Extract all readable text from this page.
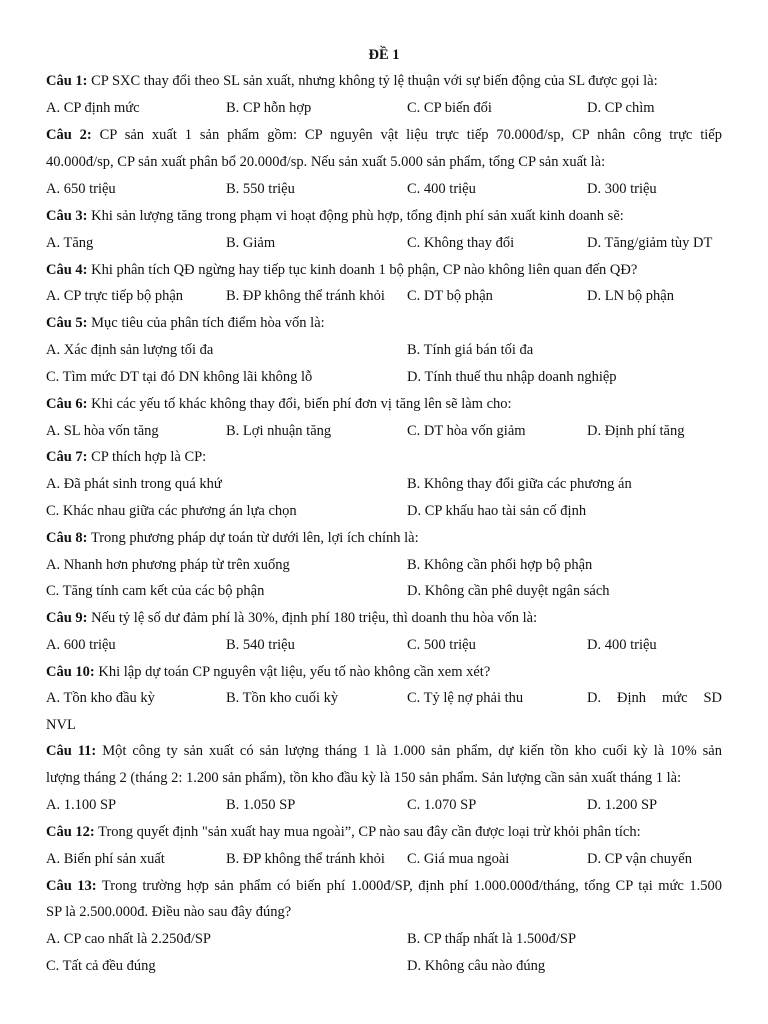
ĐỀ 1
Câu 1: CP SXC thay đổi theo SL sản xuất, nhưng không tỷ lệ thuận với sự biến động của SL được gọi là:
A. CP định mức	B. CP hỗn hợp	C. CP biến đổi	D. CP chìm
Câu 2: CP sản xuất 1 sản phẩm gồm: CP nguyên vật liệu trực tiếp 70.000đ/sp, CP nhân công trực tiếp
40.000đ/sp, CP sản xuất phân bổ 20.000đ/sp. Nếu sản xuất 5.000 sản phẩm, tổng CP sản xuất là:
A. 650 triệu	B. 550 triệu	C. 400 triệu	D. 300 triệu
Câu 3: Khi sản lượng tăng trong phạm vi hoạt động phù hợp, tổng định phí sản xuất kinh doanh sẽ:
A. Tăng	B. Giảm	C. Không thay đổi	D. Tăng/giảm tùy DT
Câu 4: Khi phân tích QĐ ngừng hay tiếp tục kinh doanh 1 bộ phận, CP nào không liên quan đến QĐ?
A. CP trực tiếp bộ phận	B. ĐP không thể tránh khỏi C. DT bộ phận	D. LN bộ phận
Câu 5: Mục tiêu của phân tích điểm hòa vốn là:
A. Xác định sản lượng tối đa	B. Tính giá bán tối đa
C. Tìm mức DT tại đó DN không lãi không lỗ	D. Tính thuế thu nhập doanh nghiệp
Câu 6: Khi các yếu tố khác không thay đổi, biến phí đơn vị tăng lên sẽ làm cho:
A. SL hòa vốn tăng	B. Lợi nhuận tăng	C. DT hòa vốn giảm	D. Định phí tăng
Câu 7: CP thích hợp là CP:
A. Đã phát sinh trong quá khứ	B. Không thay đổi giữa các phương án
C. Khác nhau giữa các phương án lựa chọn	D. CP khấu hao tài sản cố định
Câu 8: Trong phương pháp dự toán từ dưới lên, lợi ích chính là:
A. Nhanh hơn phương pháp từ trên xuống	B. Không cần phối hợp bộ phận
C. Tăng tính cam kết của các bộ phận	D. Không cần phê duyệt ngân sách
Câu 9: Nếu tỷ lệ số dư đảm phí là 30%, định phí 180 triệu, thì doanh thu hòa vốn là:
A. 600 triệu	B. 540 triệu	C. 500 triệu	D. 400 triệu
Câu 10: Khi lập dự toán CP nguyên vật liệu, yếu tố nào không cần xem xét?
A. Tồn kho đầu kỳ	B. Tồn kho cuối kỳ	C. Tỷ lệ nợ phải thu	D. Định mức SD
NVL
Câu 11: Một công ty sản xuất có sản lượng tháng 1 là 1.000 sản phẩm, dự kiến tồn kho cuối kỳ là 10% sản
lượng tháng 2 (tháng 2: 1.200 sản phẩm), tồn kho đầu kỳ là 150 sản phẩm. Sản lượng cần sản xuất tháng 1 là:
A. 1.100 SP	B. 1.050 SP	C. 1.070 SP	D. 1.200 SP
Câu 12: Trong quyết định "sản xuất hay mua ngoài”, CP nào sau đây cần được loại trừ khỏi phân tích:
A. Biến phí sản xuất	B. ĐP không thể tránh khỏi C. Giá mua ngoài	D. CP vận chuyển
Câu 13: Trong trường hợp sản phẩm có biến phí 1.000đ/SP, định phí 1.000.000đ/tháng, tổng CP tại mức 1.500
SP là 2.500.000đ. Điều nào sau đây đúng?
A. CP cao nhất là 2.250đ/SP	B. CP thấp nhất là 1.500đ/SP
C. Tất cả đều đúng	D. Không câu nào đúng
